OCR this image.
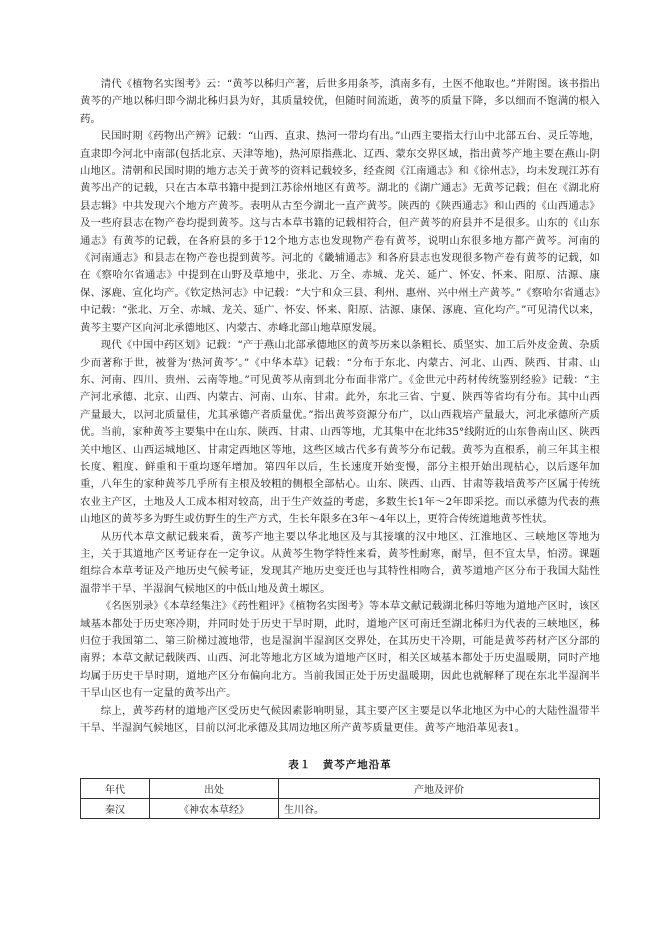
清代《植物名实图考》云：“黄芩以秭归产著，后世多用条芩，滇南多有，土医不他取也。”并附图。该书指出黄芩的产地以秭归即今湖北秭归县为好，其质量较优，但随时间流逝，黄芩的质量下降，多以细而不饱满的根入药。

民国时期《药物出产辨》记载：“山西、直隶、热河一带均有出。”山西主要指太行山中北部五台、灵丘等地，直隶即今河北中南部(包括北京、天津等地)，热河原指燕北、辽西、蒙东交界区域，指出黄芩产地主要在燕山-阴山地区。清朝和民国时期的地方志关于黄芩的资料记载较多，经查阅《江南通志》和《徐州志》，均未发现江苏有黄芩出产的记载，只在古本草书籍中提到江苏徐州地区有黄芩。湖北的《湖广通志》无黄芩记载；但在《湖北府县志辑》中共发现六个地方产黄芩。表明从古至今湖北一直产黄芩。陕西的《陕西通志》和山西的《山西通志》及一些府县志在物产卷均提到黄芩。这与古本草书籍的记载相符合，但产黄芩的府县并不是很多。山东的《山东通志》有黄芩的记载，在各府县的多于12个地方志也发现物产卷有黄芩，说明山东很多地方都产黄芩。河南的《河南通志》和县志在物产卷也提到黄芩。河北的《畿辅通志》和各府县志也发现很多物产卷有黄芩的记载，如在《察哈尔省通志》中提到在山野及草地中，张北、万全、赤城、龙关、延广、怀安、怀来、阳原、沽源、康保、涿鹿、宣化均产。《钦定热河志》中记载：“大宁和众三县、利州、惠州、兴中州土产黄芩。”《察哈尔省通志》中记载：“张北、万全、赤城、龙关、延广、怀安、怀来、阳原、沽源、康保、涿鹿、宣化均产。”可见清代以来，黄芩主要产区向河北承德地区、内蒙古、赤峰北部山地草原发展。

现代《中国中药区划》记载：“产于燕山北部承德地区的黄芩历来以条粗长、质坚实、加工后外皮金黄、杂质少而著称于世，被誉为‘热河黄芩’。”《中华本草》记载：“分布于东北、内蒙古、河北、山西、陕西、甘肃、山东、河南、四川、贵州、云南等地。”可见黄芩从南到北分布面非常广。《金世元中药材传统鉴别经验》记载：“主产河北承德、北京、山西、内蒙古、河南、山东、甘肃。此外，东北三省、宁夏、陕西等省均有分布。其中山西产量最大，以河北质量佳，尤其承德产者质量优。”指出黄芩资源分布广，以山西栽培产量最大，河北承德所产质优。当前，家种黄芩主要集中在山东、陕西、甘肃、山西等地，尤其集中在北纬35°线附近的山东鲁南山区、陕西关中地区、山西运城地区、甘肃定西地区等地，这些区域古代多有黄芩分布记载。黄芩为直根系，前三年其主根长度、粗度、鲜重和干重均逐年增加。第四年以后，生长速度开始变慢，部分主根开始出现枯心，以后逐年加重，八年生的家种黄芩几乎所有主根及较粗的侧根全部枯心。山东、陕西、山西、甘肃等栽培黄芩产区属于传统农业主产区，土地及人工成本相对较高，出于生产效益的考虑，多数生长1年～2年即采挖。而以承德为代表的燕山地区的黄芩多为野生或仿野生的生产方式，生长年限多在3年～4年以上，更符合传统道地黄芩性状。

从历代本草文献记载来看，黄芩产地主要以华北地区及与其接壤的汉中地区、江淮地区、三峡地区等地为主，关于其道地产区考证存在一定争议。从黄芩生物学特性来看，黄芩性耐寒，耐旱，但不宜太旱，怕涝。课题组综合本草考证及产地历史气候考证，发现其产地历史变迁也与其特性相吻合，黄芩道地产区分布于我国大陆性温带半干旱、半湿润气候地区的中低山地及黄土塬区。

《名医别录》《本草经集注》《药性粗评》《植物名实图考》等本草文献记载湖北秭归等地为道地产区时，该区域基本都处于历史寒冷期，并同时处于历史干旱时期，此时，道地产区可南迁至湖北秭归为代表的三峡地区，秭归位于我国第二、第三阶梯过渡地带，也是湿润半湿润区交界处，在其历史干冷期，可能是黄芩药材产区分部的南界；本草文献记载陕西、山西、河北等地北方区域为道地产区时，相关区域基本都处于历史温暖期，同时产地均属于历史干旱时期，道地产区分布偏向北方。当前我国正处于历史温暖期，因此也就解释了现在东北半湿润半干旱山区也有一定量的黄芩出产。

综上，黄芩药材的道地产区受历史气候因素影响明显，其主要产区主要是以华北地区为中心的大陆性温带半干旱、半湿润气候地区，目前以河北承德及其周边地区所产黄芩质量更佳。黄芩产地沿革见表1。

表１　黄芩产地沿革
年代	出处	产地及评价
秦汉	《神农本草经》	生川谷。
